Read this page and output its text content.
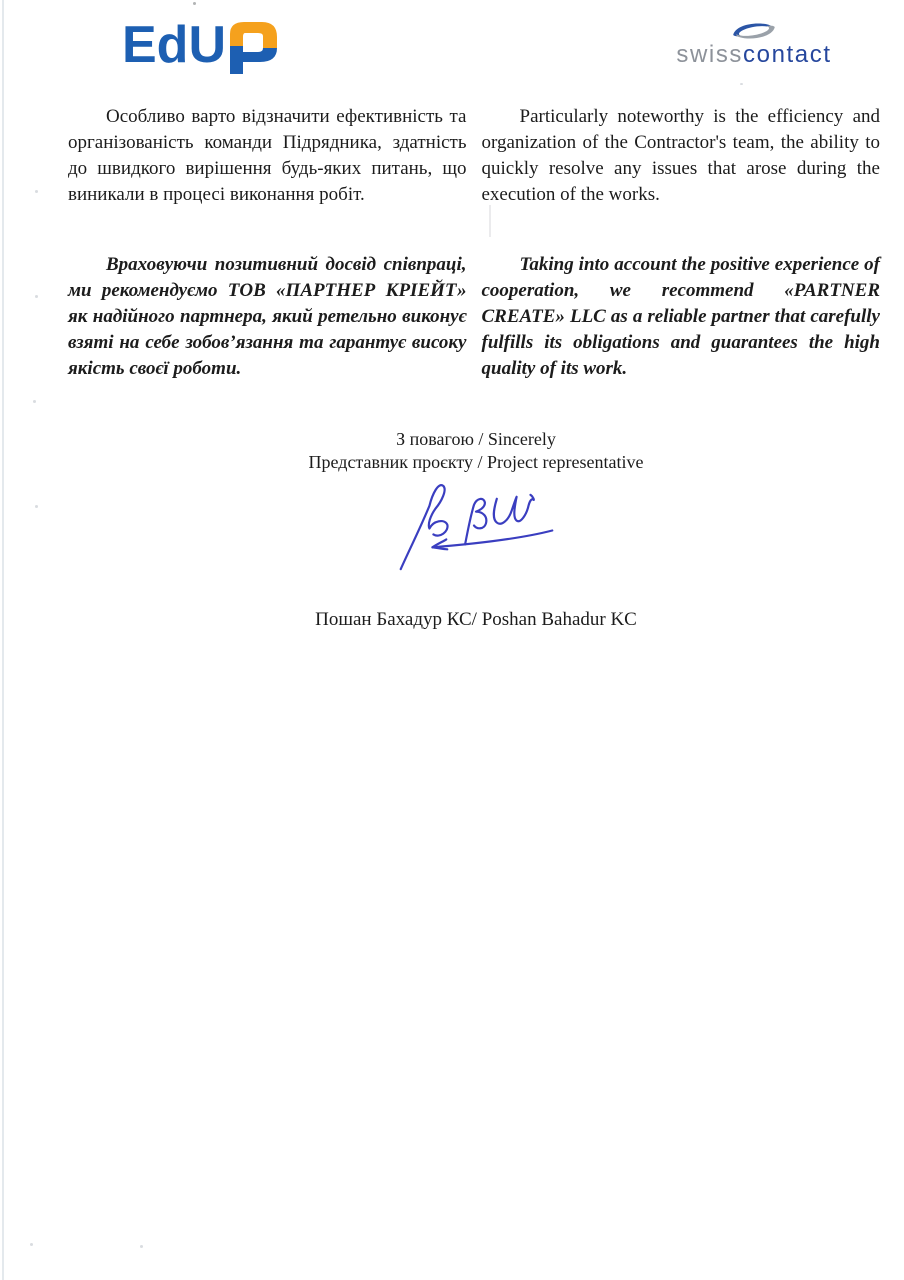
EdU	swisscontact

Особливо варто відзначити ефективність та організованість команди Підрядника, здатність до швидкого вирішення будь-яких питань, що виникали в процесі виконання робіт.

Particularly noteworthy is the efficiency and organization of the Contractor's team, the ability to quickly resolve any issues that arose during the execution of the works.

Враховуючи позитивний досвід співпраці, ми рекомендуємо ТОВ «ПАРТНЕР КРІЕЙТ» як надійного партнера, який ретельно виконує взяті на себе зобов’язання та гарантує високу якість своєї роботи.

Taking into account the positive experience of cooperation, we recommend «PARTNER CREATE» LLC as a reliable partner that carefully fulfills its obligations and guarantees the high quality of its work.

З повагою / Sincerely

Представник проєкту / Project representative

Пошан Бахадур КС/ Poshan Bahadur KC
